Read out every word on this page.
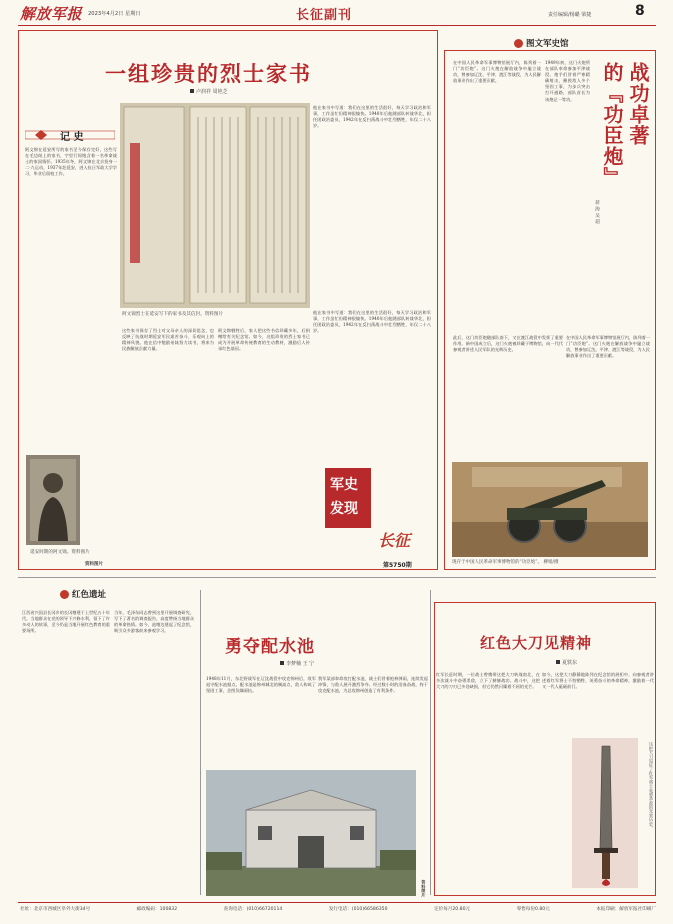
解放军报 2023年4月2日 星期日	长征副刊	责任编辑/杨璐 梁捷	8
一组珍贵的烈士家书
卢润祥 周艳芝
记 史
阿文锦在延安所写的家书至今保存完好，这些写在毛边纸上的家书，字里行间饱含着一名革命战士的家国情怀。1935年冬，阿文锦在北京投身一二·九运动，1937年赴延安，进入抗日军政大学学习，毕业后留校工作。
延安时期的阿文锦。资料图片
资料图片
阿文锦烈士在延安写下的家书及其信封。资料图片
他在家书中写道：我们在这里的生活很好，每天学习政治和军事，工作虽忙但精神很愉快。1940年后他随部队转战华北，担任团政治委员，1942年在反扫荡战斗中壮烈牺牲，年仅二十八岁。
这些家书保存了烈士对父母亲人的深切思念，也反映了抗战时期延安军民艰苦奋斗、乐观向上的精神风貌。他在信中勉励弟妹努力读书，将来为民族解放贡献力量。
阿文锦牺牲后，家人把这些书信珍藏多年，后捐赠给有关纪念馆。如今，这组珍贵的烈士家书已成为开展革命传统教育的生动教材，激励后人传承红色基因。
他在家书中写道：我们在这里的生活很好，每天学习政治和军事，工作虽忙但精神很愉快。1940年后他随部队转战华北，担任团政治委员，1942年在反扫荡战斗中壮烈牺牲，年仅二十八岁。
军史
发现
长征
第5750期
图文军史馆
在中国人民革命军事博物馆展厅内，陈列着一门“功臣炮”。这门火炮在解放战争中屡立战功，曾参加辽沈、平津、渡江等战役，为人民解放事业作出了重要贡献。
1949年初，这门火炮所在部队奉命参加平津战役。炮手们冒着严寒精确射击，摧毁敌人多个坚固工事，为步兵突击打开通路，部队首长为该炮记一等功。	战功卓著
的『功臣炮』
蒋 海 吴 超
此后，这门功臣炮随部队南下，又在渡江战役中发挥了重要作用。新中国成立后，这门火炮被珍藏于博物馆，向一代代参观者讲述人民军队的光辉历史。
在中国人民革命军事博物馆展厅内，陈列着一门“功臣炮”。这门火炮在解放战争中屡立战功，曾参加辽沈、平津、渡江等战役，为人民解放事业作出了重要贡献。
现存于中国人民革命军事博物馆的“功臣炮”。 柳娟/摄
红色遗址
江西省兴国县长冈乡的长冈塘建于上世纪五十年代。当地群众在党的领导下兴修水利，留下了许多动人的故事，至今仍是当地开展红色教育的重要场所。
当年，毛泽东同志曾到这里开展调查研究，写下了著名的调查报告，高度赞扬当地群众的革命热情。如今，池塘边建起了纪念馆，吸引众多游客前来参观学习。
勇夺配水池
李梦楠 王 宁
1948年11月，东北野战军在辽沈战役中攻克锦州后，敌军退守配水池据点。配水池是锦州城北的制高点，敌人构筑了坚固工事，企图负隅顽抗。
我军某部奉命攻打配水池，战士们冒着枪林弹雨，连续发起冲锋，与敌人展开激烈争夺。经过数小时的浴血奋战，终于攻克配水池，为总攻锦州创造了有利条件。
资料图片
红色大刀见精神
夏轶东
红军长征时期，一位战士曾携带这把大刀转战南北，在多次战斗中奋勇杀敌，立下了赫赫战功。战斗中，这把大刀的刀刃已多处缺损，但它仍然闪耀着不屈的光芒。
如今，这把大刀静静地陈列在纪念馆的展柜中，向参观者讲述着红军将士不怕牺牲、英勇奋斗的革命精神，激励着一代又一代人砥砺前行。
这把大刀见证了红军将士英勇杀敌的光荣历史。
社址：北京市西城区阜外大街34号	邮政编码：100832	查询电话：(010)66720114	发行电话：(010)66586350	定价每月20.80元	零售每份0.80元	本报印刷：解放军报社印刷厂
